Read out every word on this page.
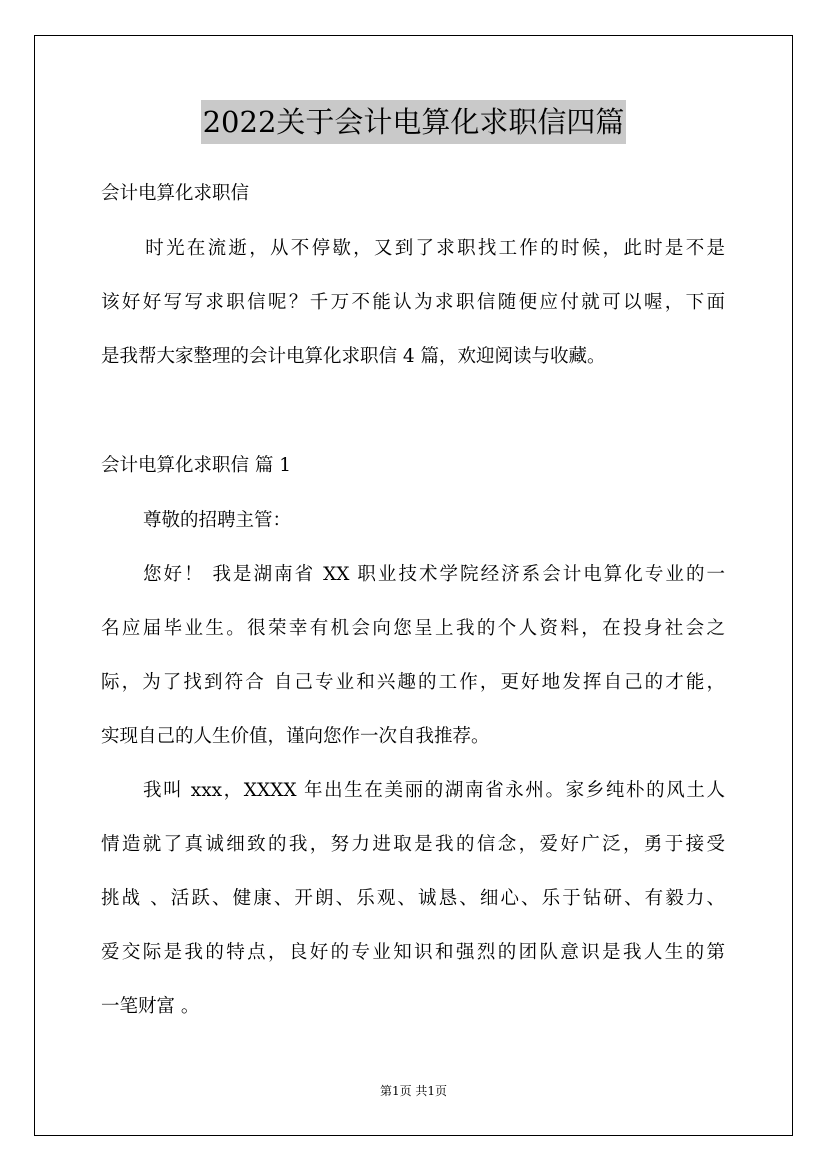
2022关于会计电算化求职信四篇

会计电算化求职信

时光在流逝，从不停歇，又到了求职找工作的时候，此时是不是

该好好写写求职信呢？千万不能认为求职信随便应付就可以喔，下面

是我帮大家整理的会计电算化求职信 4 篇，欢迎阅读与收藏。

会计电算化求职信 篇 1

尊敬的招聘主管：

您好！ 我是湖南省 XX 职业技术学院经济系会计电算化专业的一

名应届毕业生。很荣幸有机会向您呈上我的个人资料，在投身社会之

际，为了找到符合 自己专业和兴趣的工作，更好地发挥自己的才能，

实现自己的人生价值，谨向您作一次自我推荐。

我叫 xxx，XXXX 年出生在美丽的湖南省永州。家乡纯朴的风土人

情造就了真诚细致的我，努力进取是我的信念，爱好广泛，勇于接受

挑战 、活跃、健康、开朗、乐观、诚恳、细心、乐于钻研、有毅力、

爱交际是我的特点，良好的专业知识和强烈的团队意识是我人生的第

一笔财富 。

第1页 共1页
